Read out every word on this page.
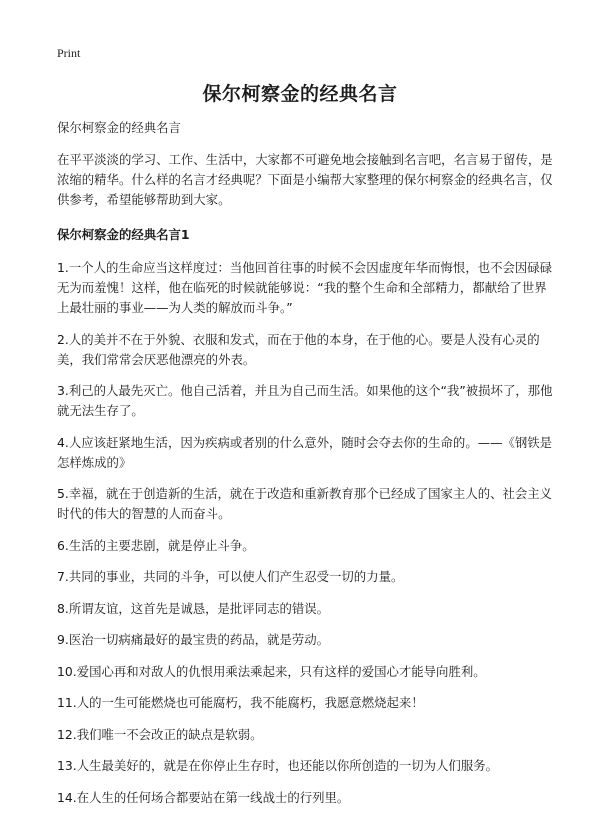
Print
保尔柯察金的经典名言

保尔柯察金的经典名言

在平平淡淡的学习、工作、生活中，大家都不可避免地会接触到名言吧，名言易于留传，是浓缩的精华。什么样的名言才经典呢？下面是小编帮大家整理的保尔柯察金的经典名言，仅供参考，希望能够帮助到大家。

保尔柯察金的经典名言1

1.一个人的生命应当这样度过：当他回首往事的时候不会因虚度年华而悔恨，也不会因碌碌无为而羞愧！这样，他在临死的时候就能够说：“我的整个生命和全部精力，都献给了世界上最壮丽的事业——为人类的解放而斗争。”

2.人的美并不在于外貌、衣服和发式，而在于他的本身，在于他的心。要是人没有心灵的美，我们常常会厌恶他漂亮的外表。

3.利己的人最先灭亡。他自己活着，并且为自己而生活。如果他的这个“我”被损坏了，那他就无法生存了。

4.人应该赶紧地生活，因为疾病或者别的什么意外，随时会夺去你的生命的。——《钢铁是怎样炼成的》

5.幸福，就在于创造新的生活，就在于改造和重新教育那个已经成了国家主人的、社会主义时代的伟大的智慧的人而奋斗。

6.生活的主要悲剧，就是停止斗争。

7.共同的事业，共同的斗争，可以使人们产生忍受一切的力量。

8.所谓友谊，这首先是诚恳，是批评同志的错误。

9.医治一切病痛最好的最宝贵的药品，就是劳动。

10.爱国心再和对敌人的仇恨用乘法乘起来，只有这样的爱国心才能导向胜利。

11.人的一生可能燃烧也可能腐朽，我不能腐朽，我愿意燃烧起来！

12.我们唯一不会改正的缺点是软弱。

13.人生最美好的，就是在你停止生存时，也还能以你所创造的一切为人们服务。

14.在人生的任何场合都要站在第一线战士的行列里。
